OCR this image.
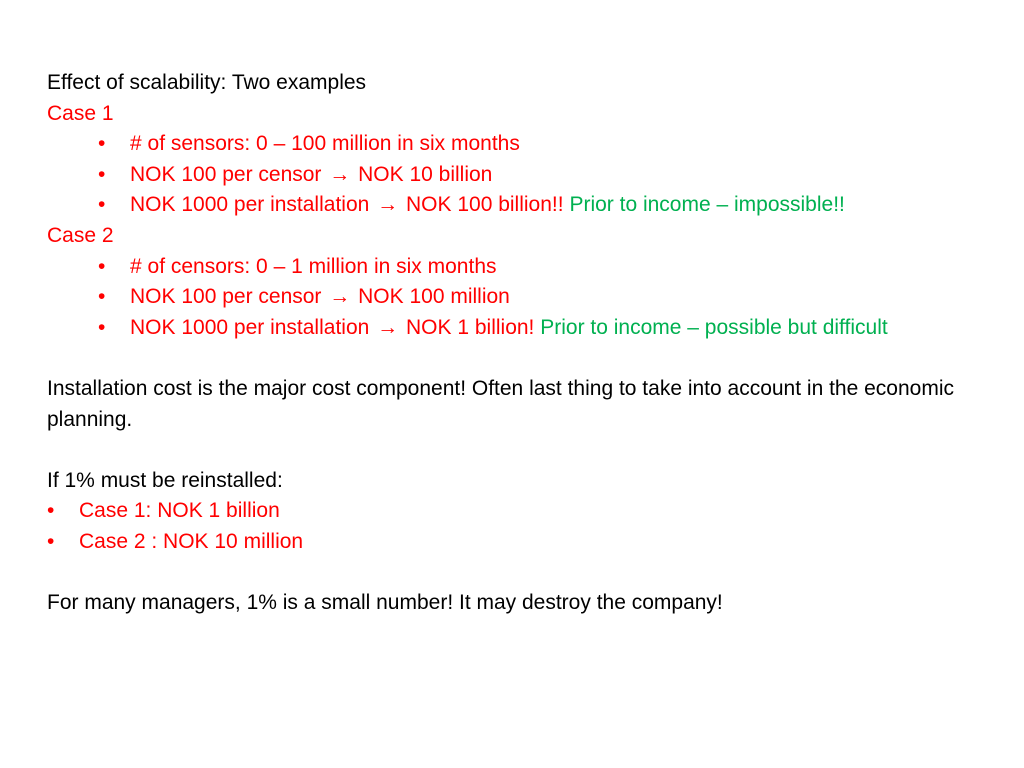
Effect of scalability: Two examples
Case 1
• # of sensors: 0 – 100 million in six months
• NOK 100 per censor → NOK 10 billion
• NOK 1000 per installation → NOK 100 billion!! Prior to income – impossible!!
Case 2
• # of censors: 0 – 1 million in six months
• NOK 100 per censor → NOK 100 million
• NOK 1000 per installation → NOK 1 billion! Prior to income – possible but difficult
Installation cost is the major cost component! Often last thing to take into account in the economic planning.
If 1% must be reinstalled:
• Case 1: NOK 1 billion
• Case 2 : NOK 10 million
For many managers, 1% is a small number! It may destroy the company!
